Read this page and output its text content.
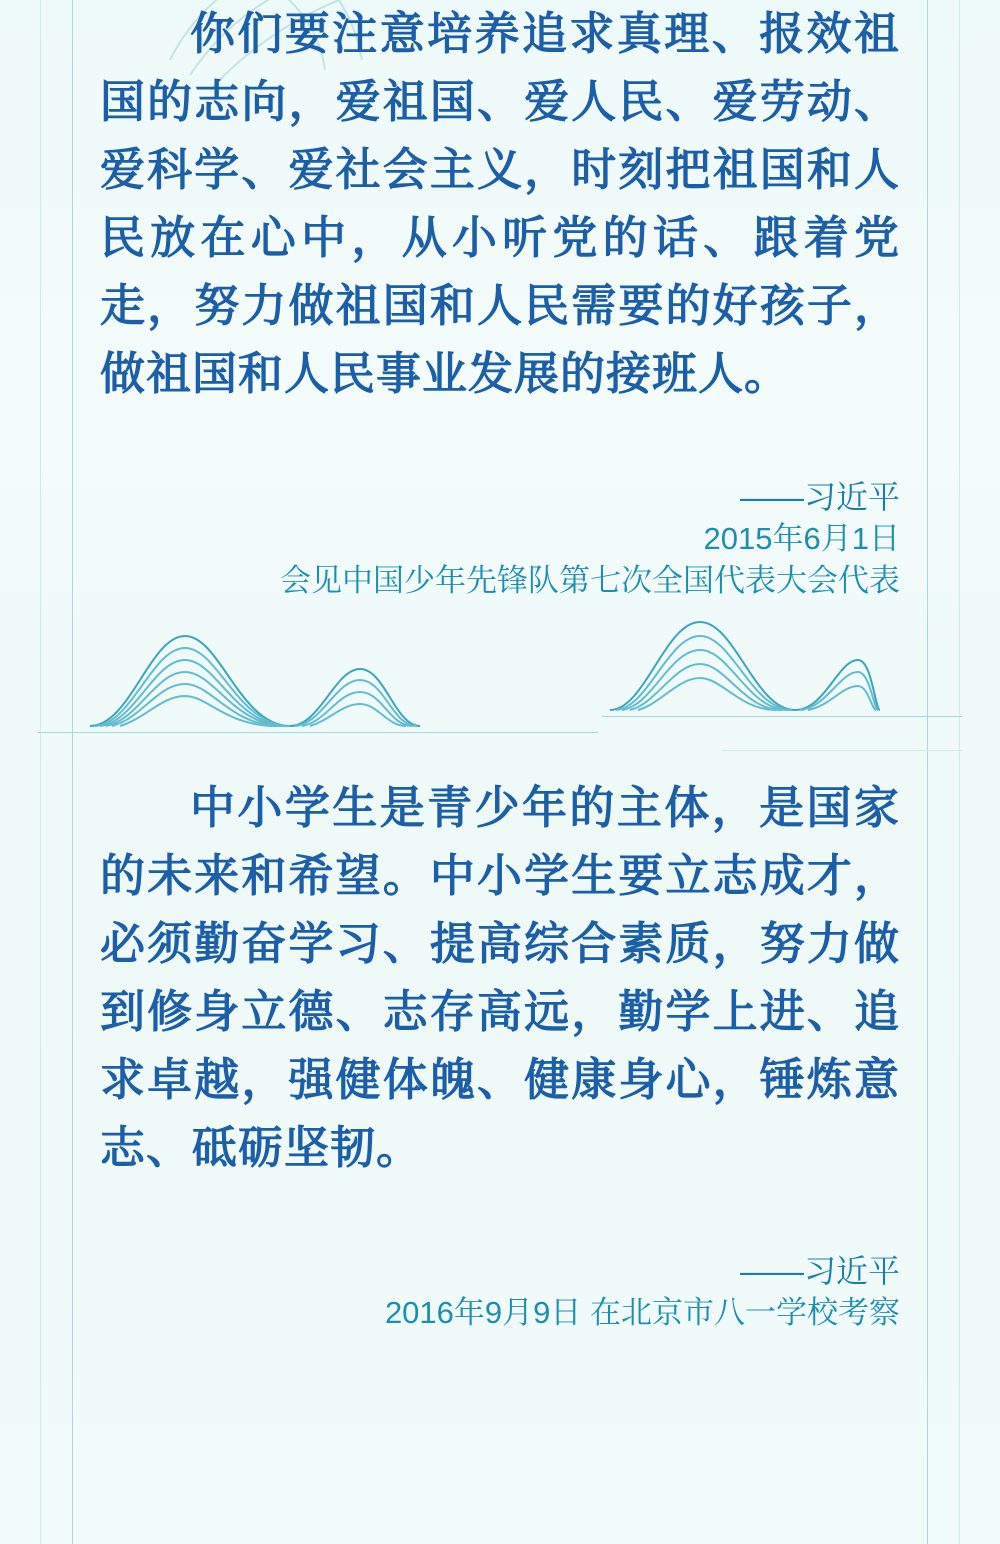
你们要注意培养追求真理、报效祖国的志向，爱祖国、爱人民、爱劳动、爱科学、爱社会主义，时刻把祖国和人民放在心中，从小听党的话、跟着党走，努力做祖国和人民需要的好孩子，做祖国和人民事业发展的接班人。
——习近平
2015年6月1日
会见中国少年先锋队第七次全国代表大会代表
中小学生是青少年的主体，是国家的未来和希望。中小学生要立志成才，必须勤奋学习、提高综合素质，努力做到修身立德、志存高远，勤学上进、追求卓越，强健体魄、健康身心，锤炼意志、砥砺坚韧。
——习近平
2016年9月9日 在北京市八一学校考察
